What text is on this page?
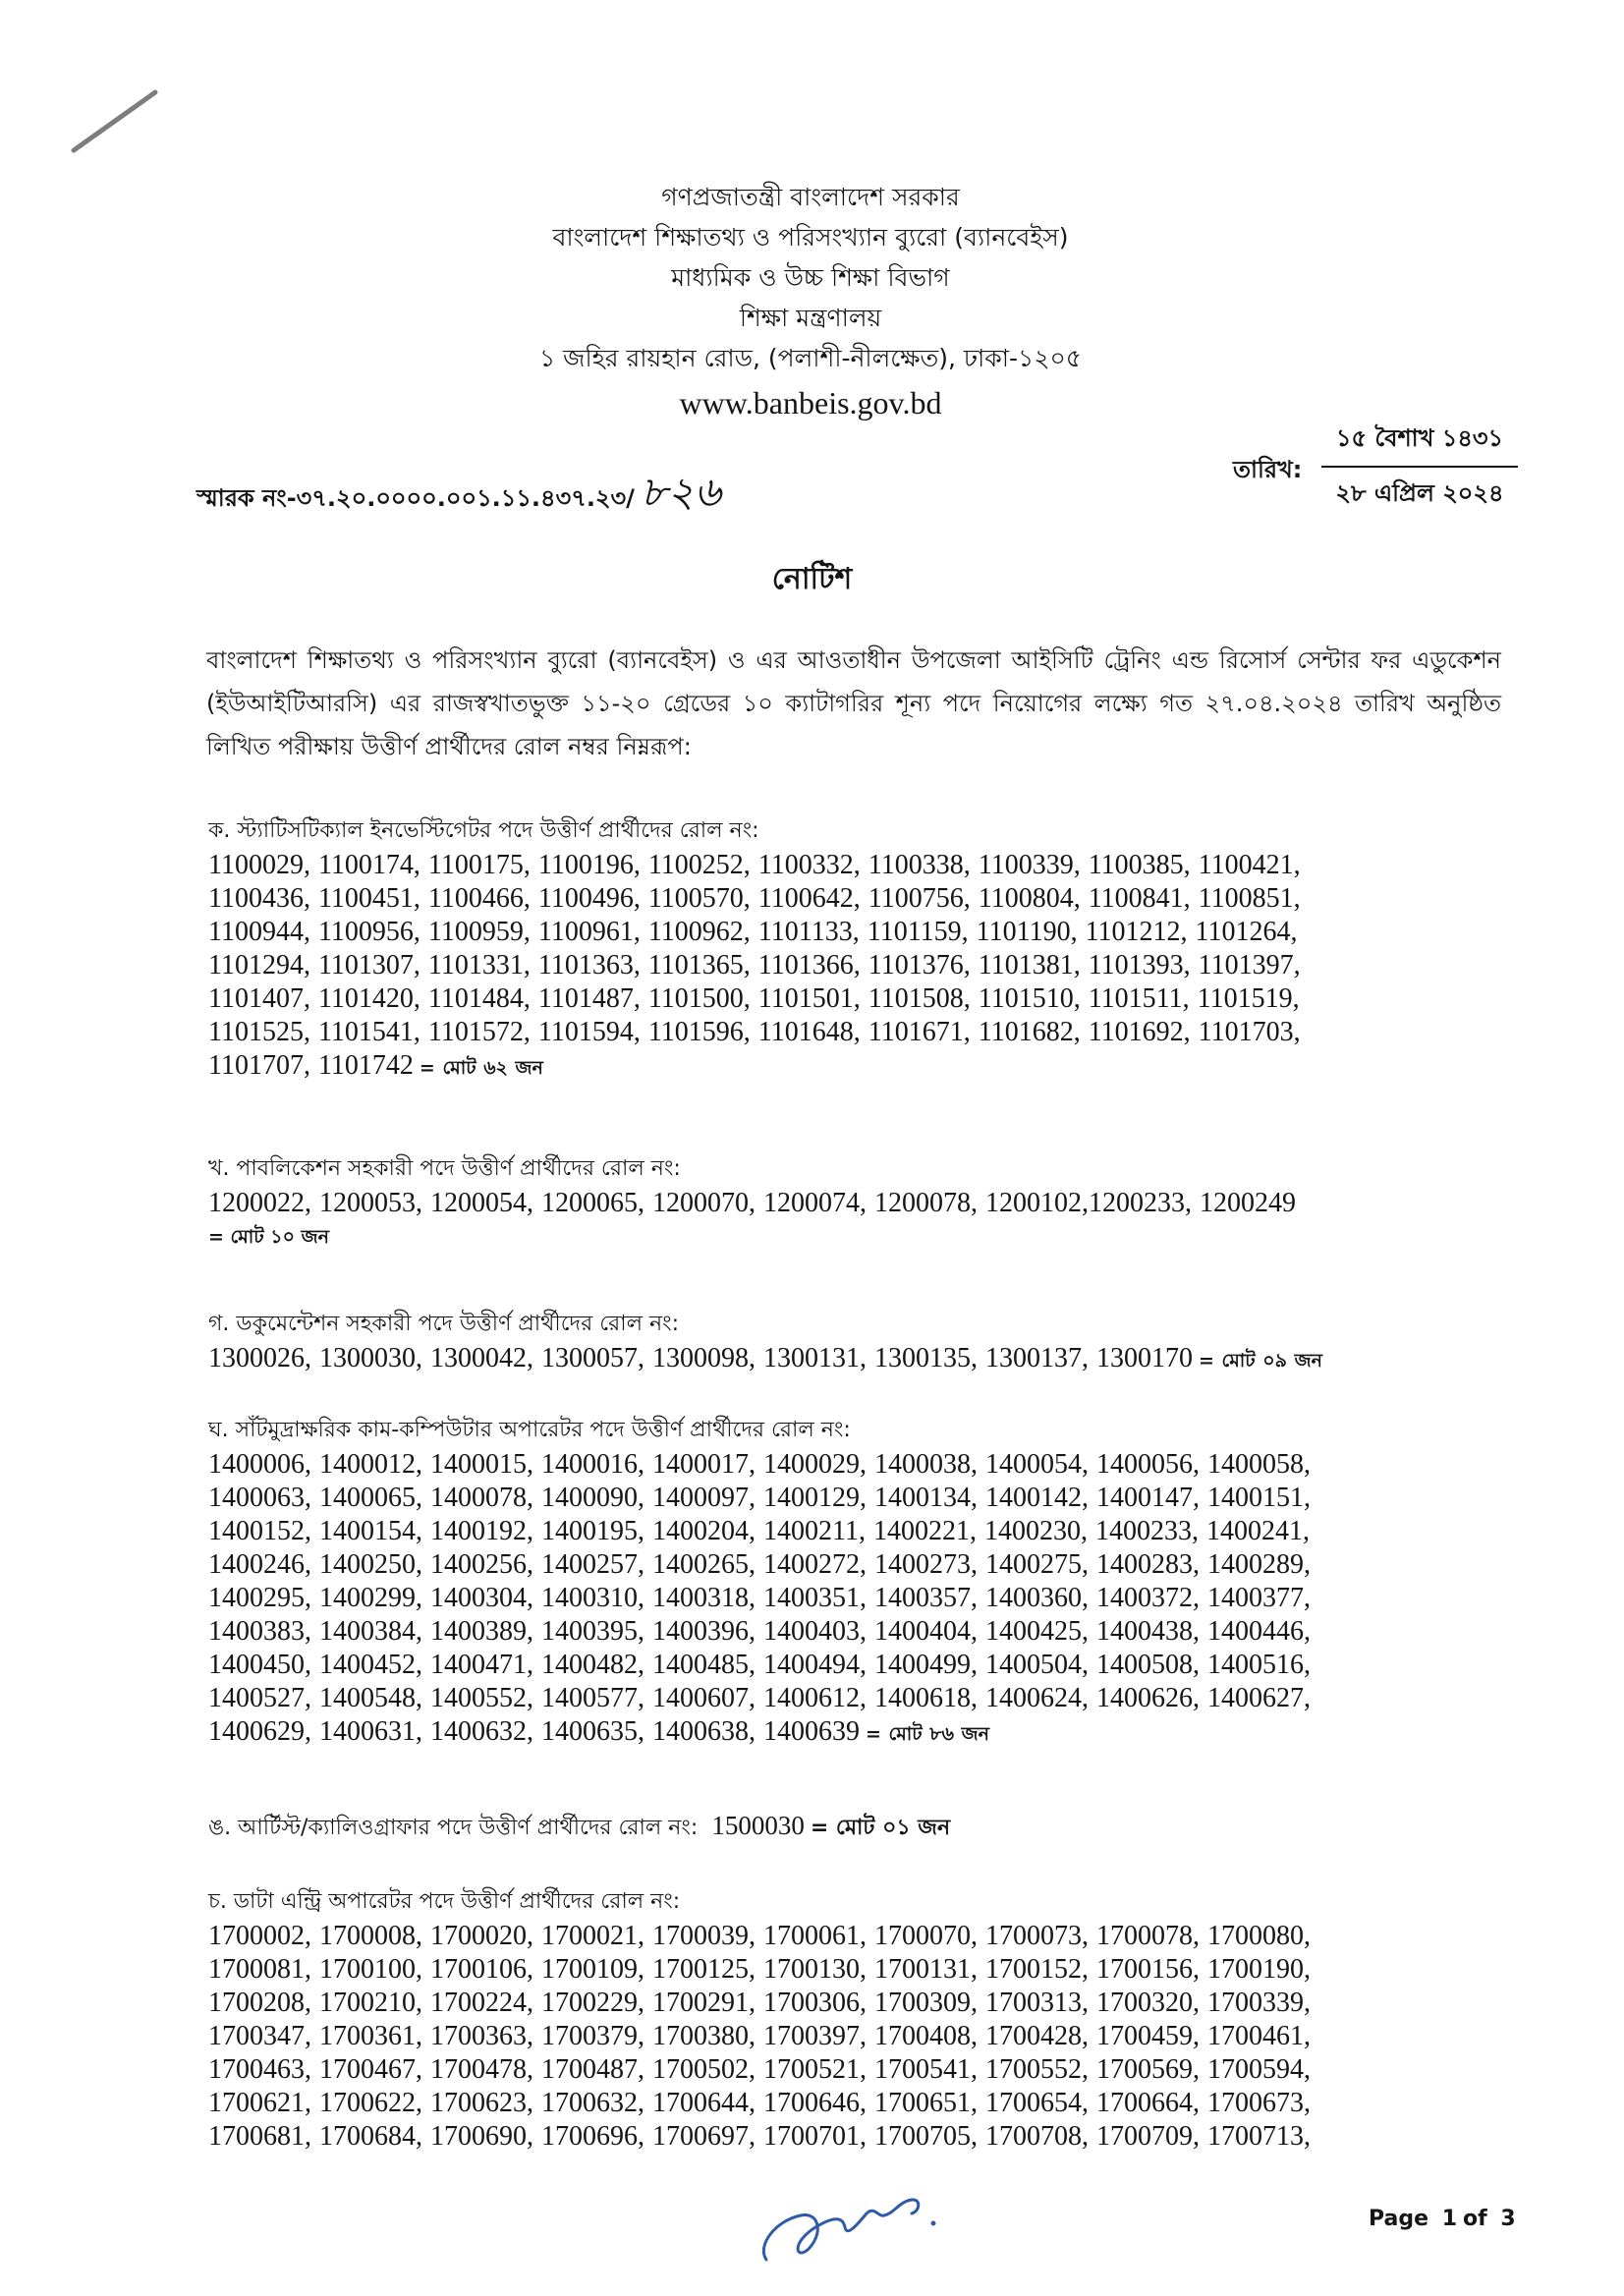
গণপ্রজাতন্ত্রী বাংলাদেশ সরকার
বাংলাদেশ শিক্ষাতথ্য ও পরিসংখ্যান ব্যুরো (ব্যানবেইস)
মাধ্যমিক ও উচ্চ শিক্ষা বিভাগ
শিক্ষা মন্ত্রণালয়
১ জহির রায়হান রোড, (পলাশী-নীলক্ষেত), ঢাকা-১২০৫
www.banbeis.gov.bd
স্মারক নং-৩৭.২০.০০০০.০০১.১১.৪৩৭.২৩/ ৮২৬
তারিখ:
১৫ বৈশাখ ১৪৩১
২৮ এপ্রিল ২০২৪
নোটিশ
বাংলাদেশ শিক্ষাতথ্য ও পরিসংখ্যান ব্যুরো (ব্যানবেইস) ও এর আওতাধীন উপজেলা আইসিটি ট্রেনিং এন্ড রিসোর্স সেন্টার ফর এডুকেশন (ইউআইটিআরসি) এর রাজস্বখাতভুক্ত ১১-২০ গ্রেডের ১০ ক্যাটাগরির শূন্য পদে নিয়োগের লক্ষ্যে গত ২৭.০৪.২০২৪ তারিখ অনুষ্ঠিত লিখিত পরীক্ষায় উত্তীর্ণ প্রার্থীদের রোল নম্বর নিম্নরূপ:
ক. স্ট্যাটিসটিক্যাল ইনভেস্টিগেটর পদে উত্তীর্ণ প্রার্থীদের রোল নং:
1100029, 1100174, 1100175, 1100196, 1100252, 1100332, 1100338, 1100339, 1100385, 1100421,
1100436, 1100451, 1100466, 1100496, 1100570, 1100642, 1100756, 1100804, 1100841, 1100851,
1100944, 1100956, 1100959, 1100961, 1100962, 1101133, 1101159, 1101190, 1101212, 1101264,
1101294, 1101307, 1101331, 1101363, 1101365, 1101366, 1101376, 1101381, 1101393, 1101397,
1101407, 1101420, 1101484, 1101487, 1101500, 1101501, 1101508, 1101510, 1101511, 1101519,
1101525, 1101541, 1101572, 1101594, 1101596, 1101648, 1101671, 1101682, 1101692, 1101703,
1101707, 1101742 = মোট ৬২ জন
খ. পাবলিকেশন সহকারী পদে উত্তীর্ণ প্রার্থীদের রোল নং:
1200022, 1200053, 1200054, 1200065, 1200070, 1200074, 1200078, 1200102,1200233, 1200249
= মোট ১০ জন
গ. ডকুমেন্টেশন সহকারী পদে উত্তীর্ণ প্রার্থীদের রোল নং:
1300026, 1300030, 1300042, 1300057, 1300098, 1300131, 1300135, 1300137, 1300170 = মোট ০৯ জন
ঘ. সাঁটমুদ্রাক্ষরিক কাম-কম্পিউটার অপারেটর পদে উত্তীর্ণ প্রার্থীদের রোল নং:
1400006, 1400012, 1400015, 1400016, 1400017, 1400029, 1400038, 1400054, 1400056, 1400058,
1400063, 1400065, 1400078, 1400090, 1400097, 1400129, 1400134, 1400142, 1400147, 1400151,
1400152, 1400154, 1400192, 1400195, 1400204, 1400211, 1400221, 1400230, 1400233, 1400241,
1400246, 1400250, 1400256, 1400257, 1400265, 1400272, 1400273, 1400275, 1400283, 1400289,
1400295, 1400299, 1400304, 1400310, 1400318, 1400351, 1400357, 1400360, 1400372, 1400377,
1400383, 1400384, 1400389, 1400395, 1400396, 1400403, 1400404, 1400425, 1400438, 1400446,
1400450, 1400452, 1400471, 1400482, 1400485, 1400494, 1400499, 1400504, 1400508, 1400516,
1400527, 1400548, 1400552, 1400577, 1400607, 1400612, 1400618, 1400624, 1400626, 1400627,
1400629, 1400631, 1400632, 1400635, 1400638, 1400639 = মোট ৮৬ জন
ঙ. আর্টিস্ট/ক্যালিওগ্রাফার পদে উত্তীর্ণ প্রার্থীদের রোল নং: 1500030 = মোট ০১ জন
চ. ডাটা এন্ট্রি অপারেটর পদে উত্তীর্ণ প্রার্থীদের রোল নং:
1700002, 1700008, 1700020, 1700021, 1700039, 1700061, 1700070, 1700073, 1700078, 1700080,
1700081, 1700100, 1700106, 1700109, 1700125, 1700130, 1700131, 1700152, 1700156, 1700190,
1700208, 1700210, 1700224, 1700229, 1700291, 1700306, 1700309, 1700313, 1700320, 1700339,
1700347, 1700361, 1700363, 1700379, 1700380, 1700397, 1700408, 1700428, 1700459, 1700461,
1700463, 1700467, 1700478, 1700487, 1700502, 1700521, 1700541, 1700552, 1700569, 1700594,
1700621, 1700622, 1700623, 1700632, 1700644, 1700646, 1700651, 1700654, 1700664, 1700673,
1700681, 1700684, 1700690, 1700696, 1700697, 1700701, 1700705, 1700708, 1700709, 1700713,
Page 1 of 3
